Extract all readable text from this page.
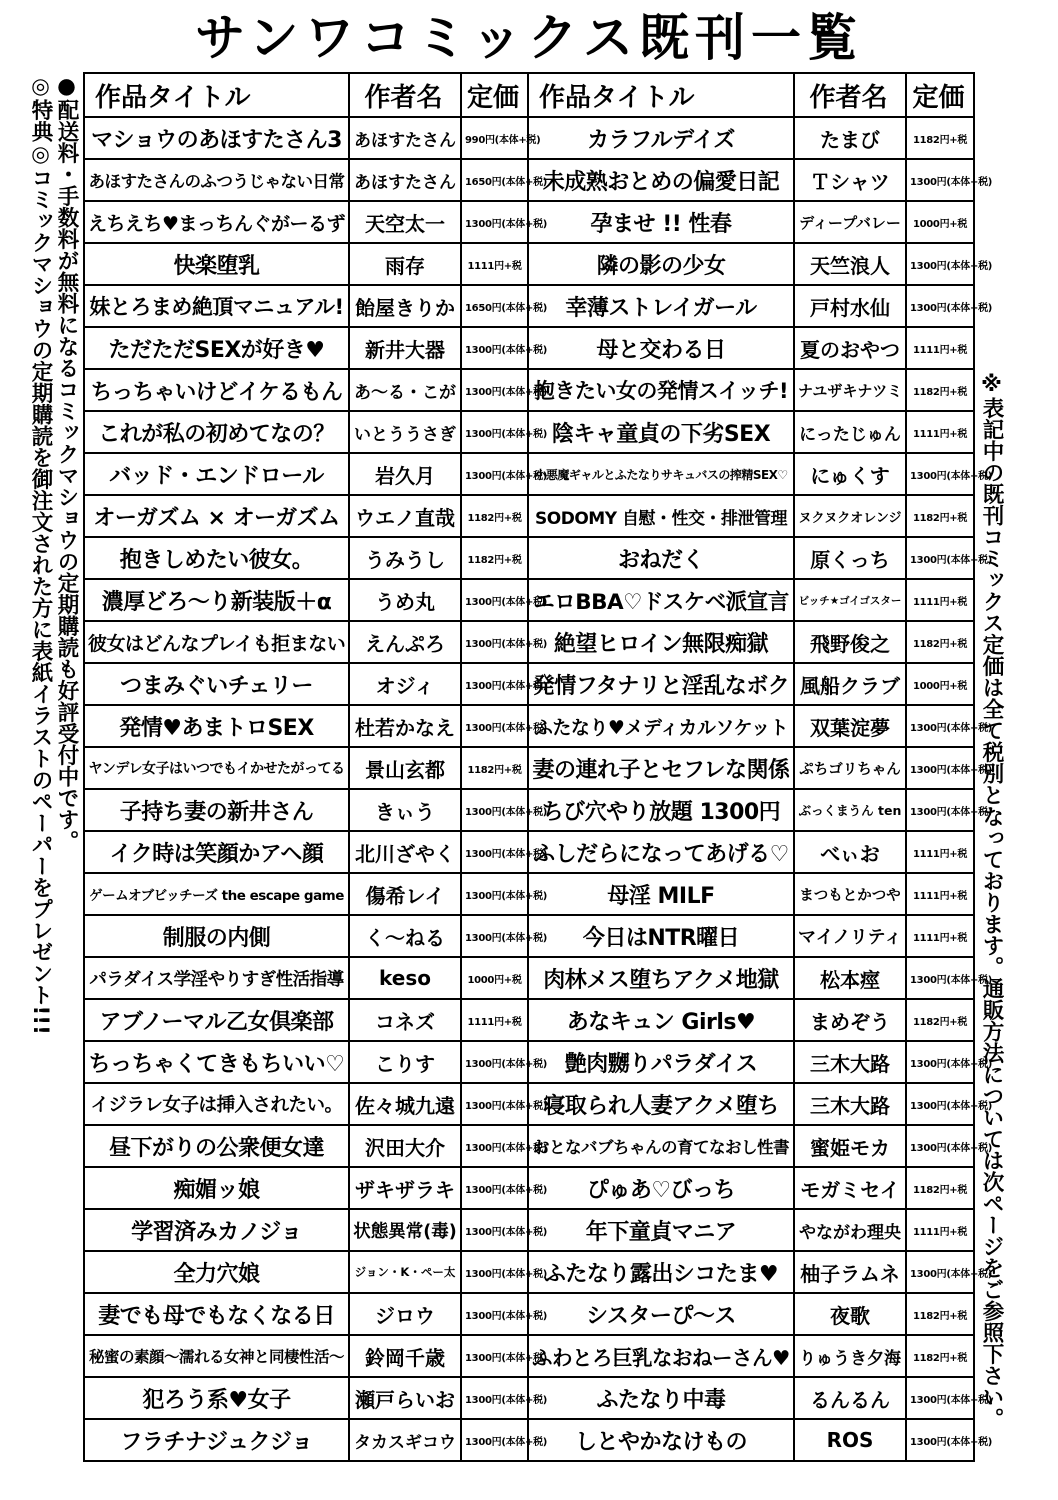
サンワコミックス既刊一覧
●配送料・手数料が無料になるコミックマショウの定期購読も好評受付中です。
◎特典◎コミックマショウの定期購読を御注文された方に表紙イラストのペーパーをプレゼント!!!	※表記中の既刊コミックス定価は全て税別となっております。通販方法については次ページをご参照下さい。
作品タイトル	作者名	定価	作品タイトル	作者名	定価
マショウのあほすたさん3	あほすたさん	990円(本体+税)	カラフルデイズ	たまび	1182円+税
あほすたさんのふつうじゃない日常	あほすたさん	1650円(本体+税)	未成熟おとめの偏愛日記	Ｔシャツ	1300円(本体+税)
えちえち♥まっちんぐがーるず	天空太一	1300円(本体+税)	孕ませ !! 性春	ディープバレー	1000円+税
快楽堕乳	雨存	1111円+税	隣の影の少女	天竺浪人	1300円(本体+税)
妹とろまめ絶頂マニュアル!	飴屋きりか	1650円(本体+税)	幸薄ストレイガール	戸村水仙	1300円(本体+税)
ただただSEXが好き♥	新井大器	1300円(本体+税)	母と交わる日	夏のおやつ	1111円+税
ちっちゃいけどイケるもん	あ〜る・こが	1300円(本体+税)	抱きたい女の発情スイッチ!	ナユザキナツミ	1182円+税
これが私の初めてなの？	いとううさぎ	1300円(本体+税)	陰キャ童貞の下劣SEX	にったじゅん	1111円+税
バッド・エンドロール	岩久月	1300円(本体+税)	小悪魔ギャルとふたなりサキュバスの搾精SEX♡	にゅくす	1300円(本体+税)
オーガズム × オーガズム	ウエノ直哉	1182円+税	SODOMY 自慰・性交・排泄管理	ヌクヌクオレンジ	1182円+税
抱きしめたい彼女。	うみうし	1182円+税	おねだく	原くっち	1300円(本体+税)
濃厚どろ〜り新装版＋α	うめ丸	1300円(本体+税)	エロBBA♡ドスケベ派宣言	ビッチ★ゴイゴスター	1111円+税
彼女はどんなプレイも拒まない	えんぷろ	1300円(本体+税)	絶望ヒロイン無限痴獄	飛野俊之	1182円+税
つまみぐいチェリー	オジィ	1300円(本体+税)	発情フタナリと淫乱なボク	風船クラブ	1000円+税
発情♥あまトロSEX	杜若かなえ	1300円(本体+税)	ふたなり♥メディカルソケット	双葉淀夢	1300円(本体+税)
ヤンデレ女子はいつでもイかせたがってる	景山玄都	1182円+税	妻の連れ子とセフレな関係	ぷちゴリちゃん	1300円(本体+税)
子持ち妻の新井さん	きぃう	1300円(本体+税)	ちび穴やり放題 1300円	ぶっくまうん ten	1300円(本体+税)
イク時は笑顔かアヘ顔	北川ざやく	1300円(本体+税)	ふしだらになってあげる♡	べぃお	1111円+税
ゲームオブビッチーズ the escape game	傷希レイ	1300円(本体+税)	母淫 MILF	まつもとかつや	1111円+税
制服の内側	く〜ねる	1300円(本体+税)	今日はNTR曜日	マイノリティ	1111円+税
パラダイス学淫やりすぎ性活指導	keso	1000円+税	肉林メス堕ちアクメ地獄	松本痙	1300円(本体+税)
アブノーマル乙女倶楽部	コネズ	1111円+税	あなキュン Girls♥	まめぞう	1182円+税
ちっちゃくてきもちいい♡	こりす	1300円(本体+税)	艶肉嬲りパラダイス	三木大路	1300円(本体+税)
イジラレ女子は挿入されたい。	佐々城九遠	1300円(本体+税)	寝取られ人妻アクメ堕ち	三木大路	1300円(本体+税)
昼下がりの公衆便女達	沢田大介	1300円(本体+税)	おとなバブちゃんの育てなおし性書	蜜姫モカ	1300円(本体+税)
痴媚ッ娘	ザキザラキ	1300円(本体+税)	ぴゅあ♡びっち	モガミセイ	1182円+税
学習済みカノジョ	状態異常(毒)	1300円(本体+税)	年下童貞マニア	やながわ理央	1111円+税
全力穴娘	ジョン・K・ペー太	1300円(本体+税)	ふたなり露出シコたま♥	柚子ラムネ	1300円(本体+税)
妻でも母でもなくなる日	ジロウ	1300円(本体+税)	シスターぴ〜ス	夜歌	1182円+税
秘蜜の素顔〜濡れる女神と同棲性活〜	鈴岡千歳	1300円(本体+税)	ふわとろ巨乳なおねーさん♥	りゅうき夕海	1182円+税
犯ろう系♥女子	瀬戸らいお	1300円(本体+税)	ふたなり中毒	るんるん	1300円(本体+税)
フラチナジュクジョ	タカスギコウ	1300円(本体+税)	しとやかなけもの	ROS	1300円(本体+税)
